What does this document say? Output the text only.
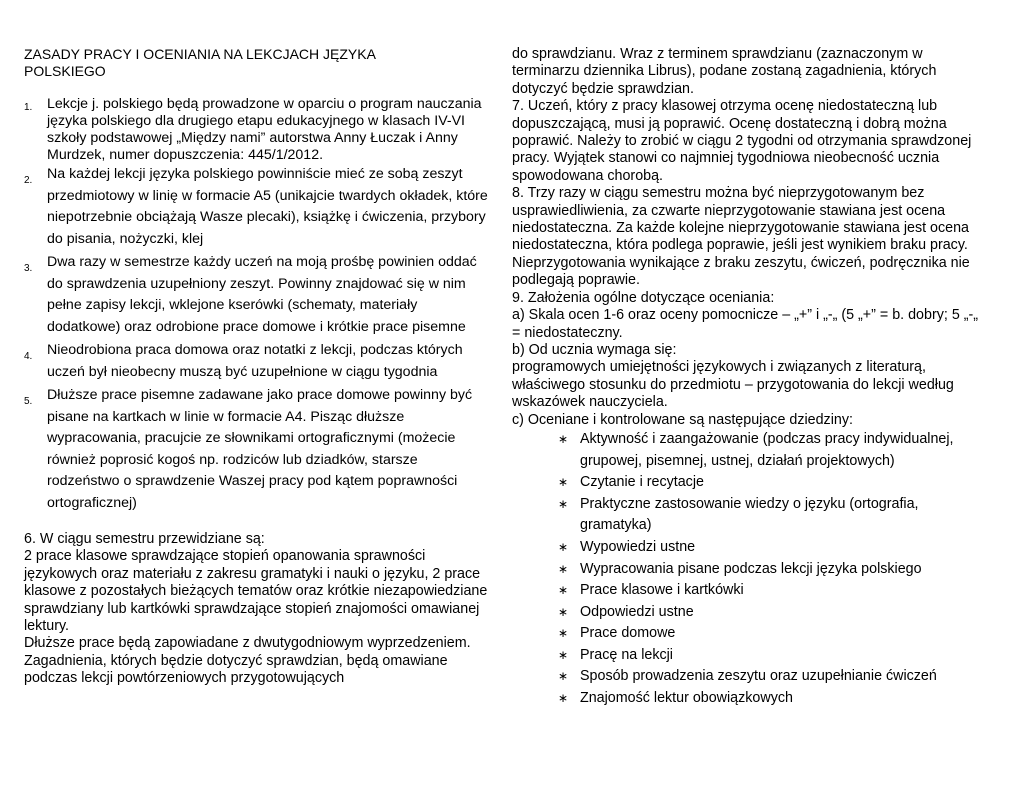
ZASADY PRACY I OCENIANIA NA LEKCJACH JĘZYKA POLSKIEGO

1. Lekcje j. polskiego będą prowadzone w oparciu o program nauczania języka polskiego dla drugiego etapu edukacyjnego w klasach IV-VI szkoły podstawowej „Między nami” autorstwa Anny Łuczak i Anny Murdzek, numer dopuszczenia: 445/1/2012.
2. Na każdej lekcji języka polskiego powinniście mieć ze sobą zeszyt przedmiotowy w linię w formacie A5 (unikajcie twardych okładek, które niepotrzebnie obciążają Wasze plecaki), książkę i ćwiczenia, przybory do pisania, nożyczki, klej
3. Dwa razy w semestrze każdy uczeń na moją prośbę powinien oddać do sprawdzenia uzupełniony zeszyt. Powinny znajdować się w nim pełne zapisy lekcji, wklejone kserówki (schematy, materiały dodatkowe) oraz odrobione prace domowe i krótkie prace pisemne
4. Nieodrobiona praca domowa oraz notatki z lekcji, podczas których uczeń był nieobecny muszą być uzupełnione w ciągu tygodnia
5. Dłuższe prace pisemne zadawane jako prace domowe powinny być pisane na kartkach w linie w formacie A4. Pisząc dłuższe wypracowania, pracujcie ze słownikami ortograficznymi (możecie również poprosić kogoś np. rodziców lub dziadków, starsze rodzeństwo o sprawdzenie Waszej pracy pod kątem poprawności ortograficznej)

6. W ciągu semestru przewidziane są:

2 prace klasowe sprawdzające stopień opanowania sprawności językowych oraz materiału z zakresu gramatyki i nauki o języku, 2 prace klasowe z pozostałych bieżących tematów oraz krótkie niezapowiedziane sprawdziany lub kartkówki sprawdzające stopień znajomości omawianej lektury.

Dłuższe prace będą zapowiadane z dwutygodniowym wyprzedzeniem. Zagadnienia, których będzie dotyczyć sprawdzian, będą omawiane podczas lekcji powtórzeniowych przygotowujących

do sprawdzianu. Wraz z terminem sprawdzianu (zaznaczonym w terminarzu dziennika Librus), podane zostaną zagadnienia, których dotyczyć będzie sprawdzian.

7. Uczeń, który z pracy klasowej otrzyma ocenę niedostateczną lub dopuszczającą, musi ją poprawić. Ocenę dostateczną i dobrą można poprawić. Należy to zrobić w ciągu 2 tygodni od otrzymania sprawdzonej pracy. Wyjątek stanowi co najmniej tygodniowa nieobecność ucznia spowodowana chorobą.

8. Trzy razy w ciągu semestru można być nieprzygotowanym bez usprawiedliwienia, za czwarte nieprzygotowanie stawiana jest ocena niedostateczna. Za każde kolejne nieprzygotowanie stawiana jest ocena niedostateczna, która podlega poprawie, jeśli jest wynikiem braku pracy. Nieprzygotowania wynikające z braku zeszytu, ćwiczeń, podręcznika nie podlegają poprawie.

9. Założenia ogólne dotyczące oceniania:

a) Skala ocen 1-6 oraz oceny pomocnicze – „+” i „-„ (5 „+” = b. dobry; 5 „-„ = niedostateczny.

b) Od ucznia wymaga się:

programowych umiejętności językowych i związanych z literaturą, właściwego stosunku do przedmiotu – przygotowania do lekcji według wskazówek nauczyciela.

c) Oceniane i kontrolowane są następujące dziedziny:

∗ Aktywność i zaangażowanie (podczas pracy indywidualnej, grupowej, pisemnej, ustnej, działań projektowych)
∗ Czytanie i recytacje
∗ Praktyczne zastosowanie wiedzy o języku (ortografia, gramatyka)
∗ Wypowiedzi ustne
∗ Wypracowania pisane podczas lekcji języka polskiego
∗ Prace klasowe i kartkówki
∗ Odpowiedzi ustne
∗ Prace domowe
∗ Pracę na lekcji
∗ Sposób prowadzenia zeszytu oraz uzupełnianie ćwiczeń
∗ Znajomość lektur obowiązkowych
